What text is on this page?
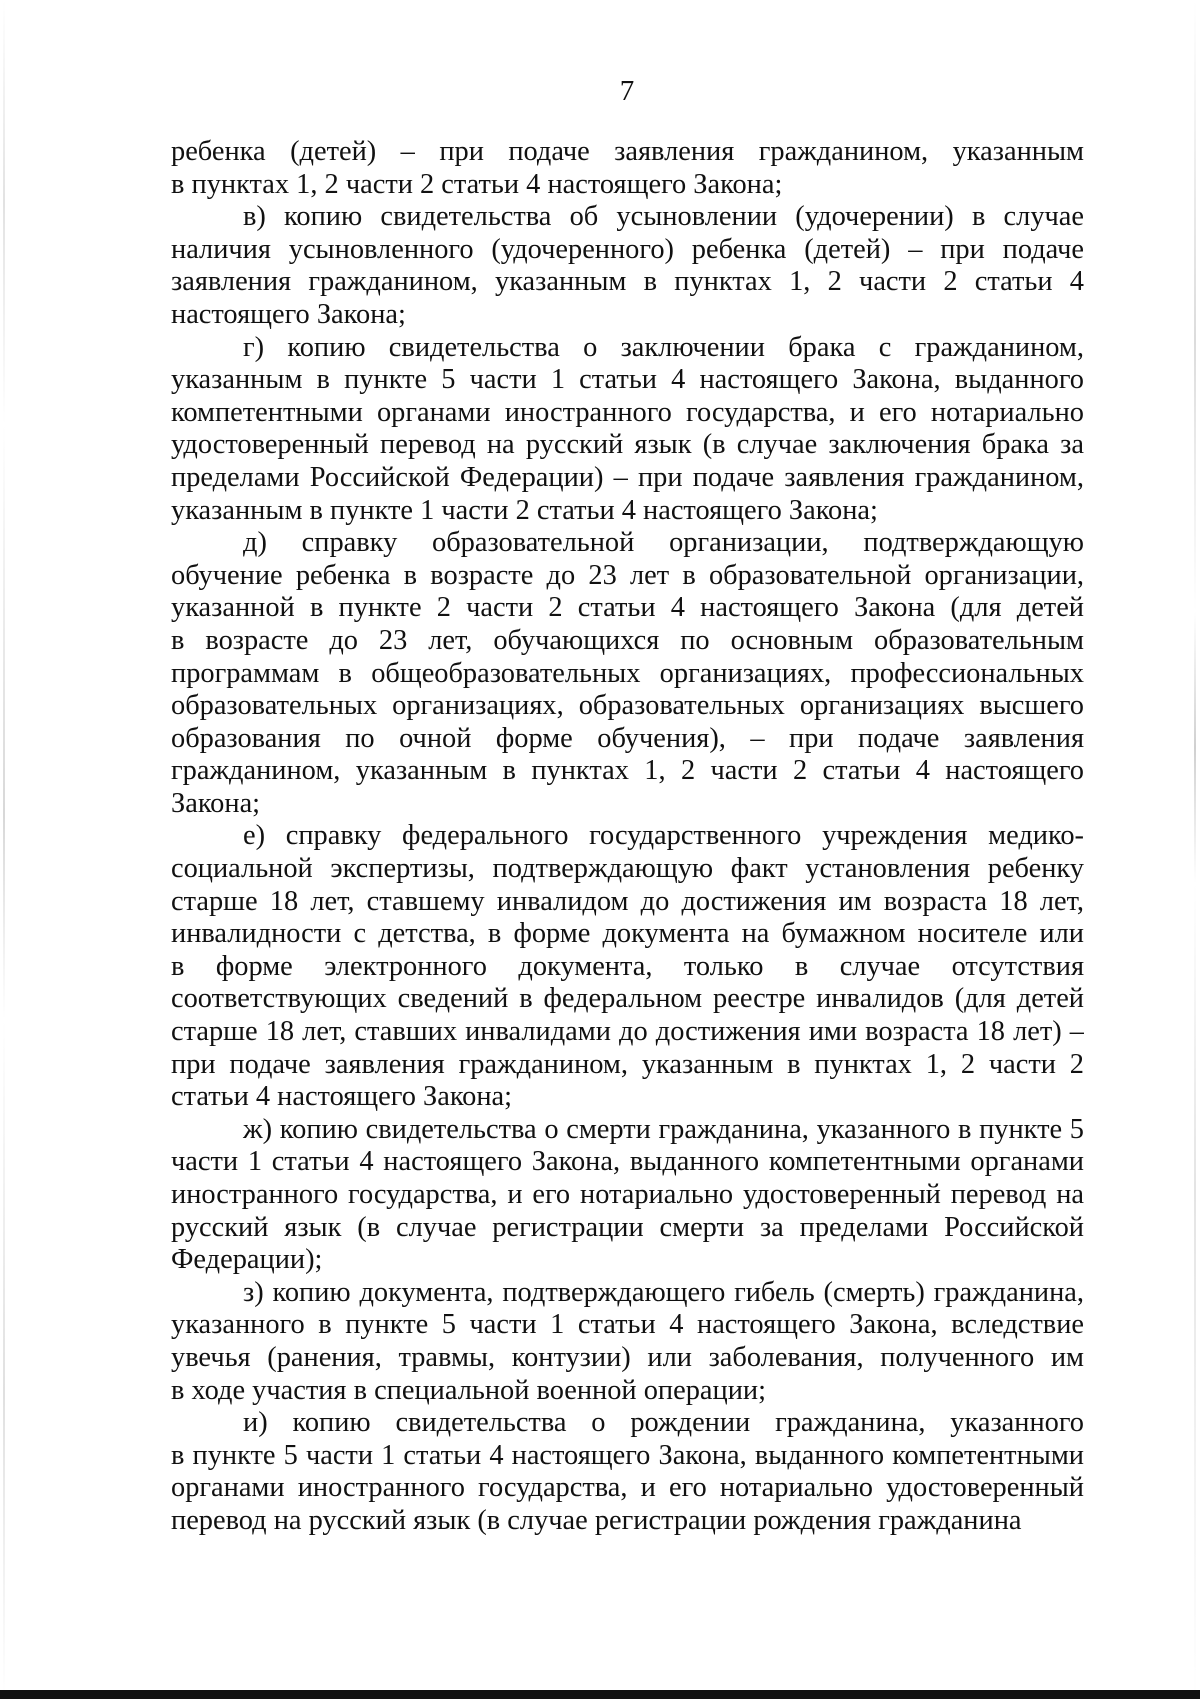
7
ребенка (детей) – при подаче заявления гражданином, указанным
в пунктах 1, 2 части 2 статьи 4 настоящего Закона;
в) копию свидетельства об усыновлении (удочерении) в случае
наличия усыновленного (удочеренного) ребенка (детей) – при подаче
заявления гражданином, указанным в пунктах 1, 2 части 2 статьи 4
настоящего Закона;
г) копию свидетельства о заключении брака с гражданином,
указанным в пункте 5 части 1 статьи 4 настоящего Закона, выданного
компетентными органами иностранного государства, и его нотариально
удостоверенный перевод на русский язык (в случае заключения брака за
пределами Российской Федерации) – при подаче заявления гражданином,
указанным в пункте 1 части 2 статьи 4 настоящего Закона;
д) справку образовательной организации, подтверждающую
обучение ребенка в возрасте до 23 лет в образовательной организации,
указанной в пункте 2 части 2 статьи 4 настоящего Закона (для детей
в возрасте до 23 лет, обучающихся по основным образовательным
программам в общеобразовательных организациях, профессиональных
образовательных организациях, образовательных организациях высшего
образования по очной форме обучения), – при подаче заявления
гражданином, указанным в пунктах 1, 2 части 2 статьи 4 настоящего
Закона;
е) справку федерального государственного учреждения медико-
социальной экспертизы, подтверждающую факт установления ребенку
старше 18 лет, ставшему инвалидом до достижения им возраста 18 лет,
инвалидности с детства, в форме документа на бумажном носителе или
в форме электронного документа, только в случае отсутствия
соответствующих сведений в федеральном реестре инвалидов (для детей
старше 18 лет, ставших инвалидами до достижения ими возраста 18 лет) –
при подаче заявления гражданином, указанным в пунктах 1, 2 части 2
статьи 4 настоящего Закона;
ж) копию свидетельства о смерти гражданина, указанного в пункте 5
части 1 статьи 4 настоящего Закона, выданного компетентными органами
иностранного государства, и его нотариально удостоверенный перевод на
русский язык (в случае регистрации смерти за пределами Российской
Федерации);
з) копию документа, подтверждающего гибель (смерть) гражданина,
указанного в пункте 5 части 1 статьи 4 настоящего Закона, вследствие
увечья (ранения, травмы, контузии) или заболевания, полученного им
в ходе участия в специальной военной операции;
и) копию свидетельства о рождении гражданина, указанного
в пункте 5 части 1 статьи 4 настоящего Закона, выданного компетентными
органами иностранного государства, и его нотариально удостоверенный
перевод на русский язык (в случае регистрации рождения гражданина
